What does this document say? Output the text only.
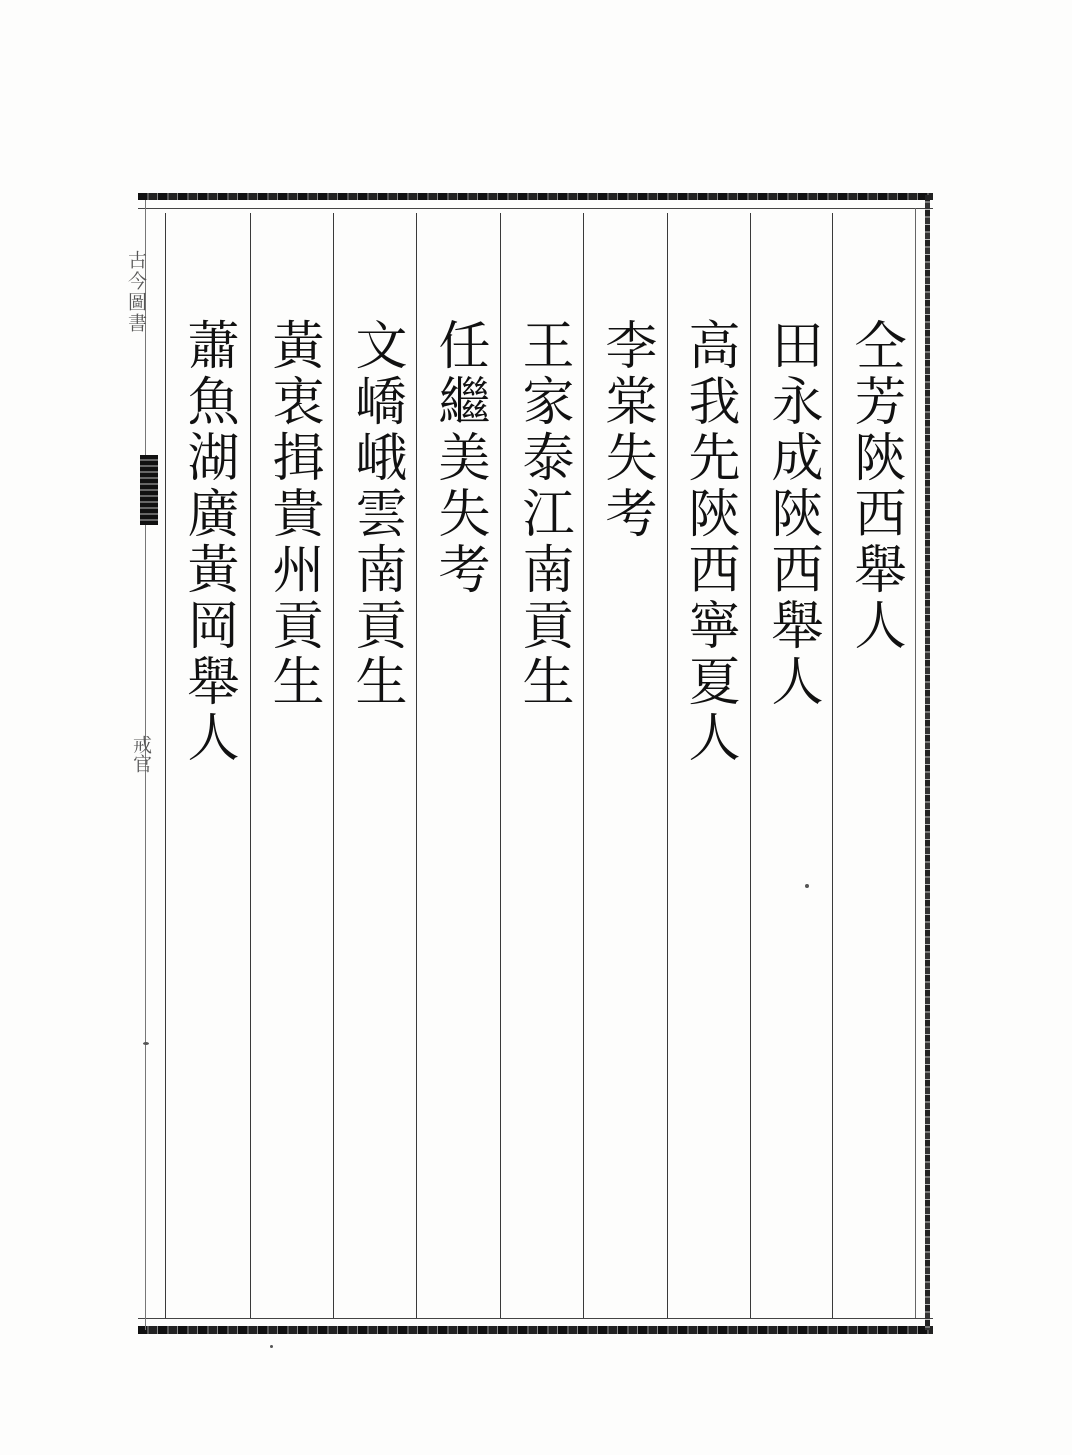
古今圖書
戒官
仝芳陝西舉人
田永成陝西舉人
高我先陝西寧夏人
李棠失考
王家泰江南貢生
任繼美失考
文嶠峨雲南貢生
黃衷揖貴州貢生
蕭魚湖廣黃岡舉人
